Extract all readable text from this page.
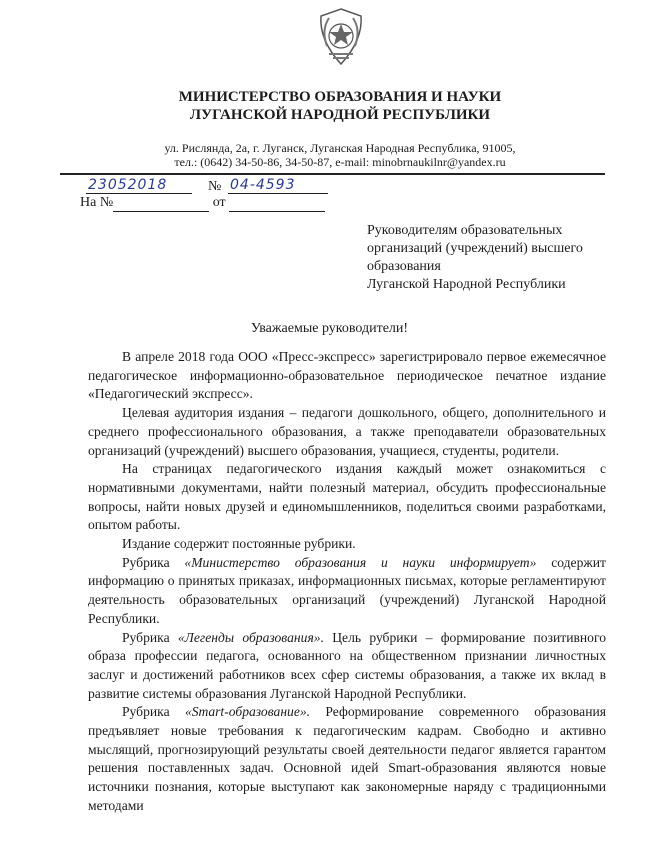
МИНИСТЕРСТВО ОБРАЗОВАНИЯ И НАУКИ
ЛУГАНСКОЙ НАРОДНОЙ РЕСПУБЛИКИ
ул. Рисляндa, 2a, г. Луганск, Луганская Народная Республика, 91005,
тел.: (0642) 34-50-86, 34-50-87, e-mail: minobrnaukilnr@yandex.ru
23052018	№ 04-4593
На №	от
Руководителям образовательных
организаций (учреждений) высшего
образования
Луганской Народной Республики
Уважаемые руководители!

В апреле 2018 года ООО «Пресс-экспресс» зарегистрировало первое ежемесячное педагогическое информационно-образовательное периодическое печатное издание «Педагогический экспресс».

Целевая аудитория издания – педагоги дошкольного, общего, дополнительного и среднего профессионального образования, а также преподаватели образовательных организаций (учреждений) высшего образования, учащиеся, студенты, родители.

На страницах педагогического издания каждый может ознакомиться с нормативными документами, найти полезный материал, обсудить профессиональные вопросы, найти новых друзей и единомышленников, поделиться своими разработками, опытом работы.

Издание содержит постоянные рубрики.

Рубрика «Министерство образования и науки информирует» содержит информацию о принятых приказах, информационных письмах, которые регламентируют деятельность образовательных организаций (учреждений) Луганской Народной Республики.

Рубрика «Легенды образования». Цель рубрики – формирование позитивного образа профессии педагога, основанного на общественном признании личностных заслуг и достижений работников всех сфер системы образования, а также их вклад в развитие системы образования Луганской Народной Республики.

Рубрика «Smart-образование». Реформирование современного образования предъявляет новые требования к педагогическим кадрам. Свободно и активно мыслящий, прогнозирующий результаты своей деятельности педагог является гарантом решения поставленных задач. Основной идей Smart-образования являются новые источники познания, которые выступают как закономерные наряду с традиционными методами
